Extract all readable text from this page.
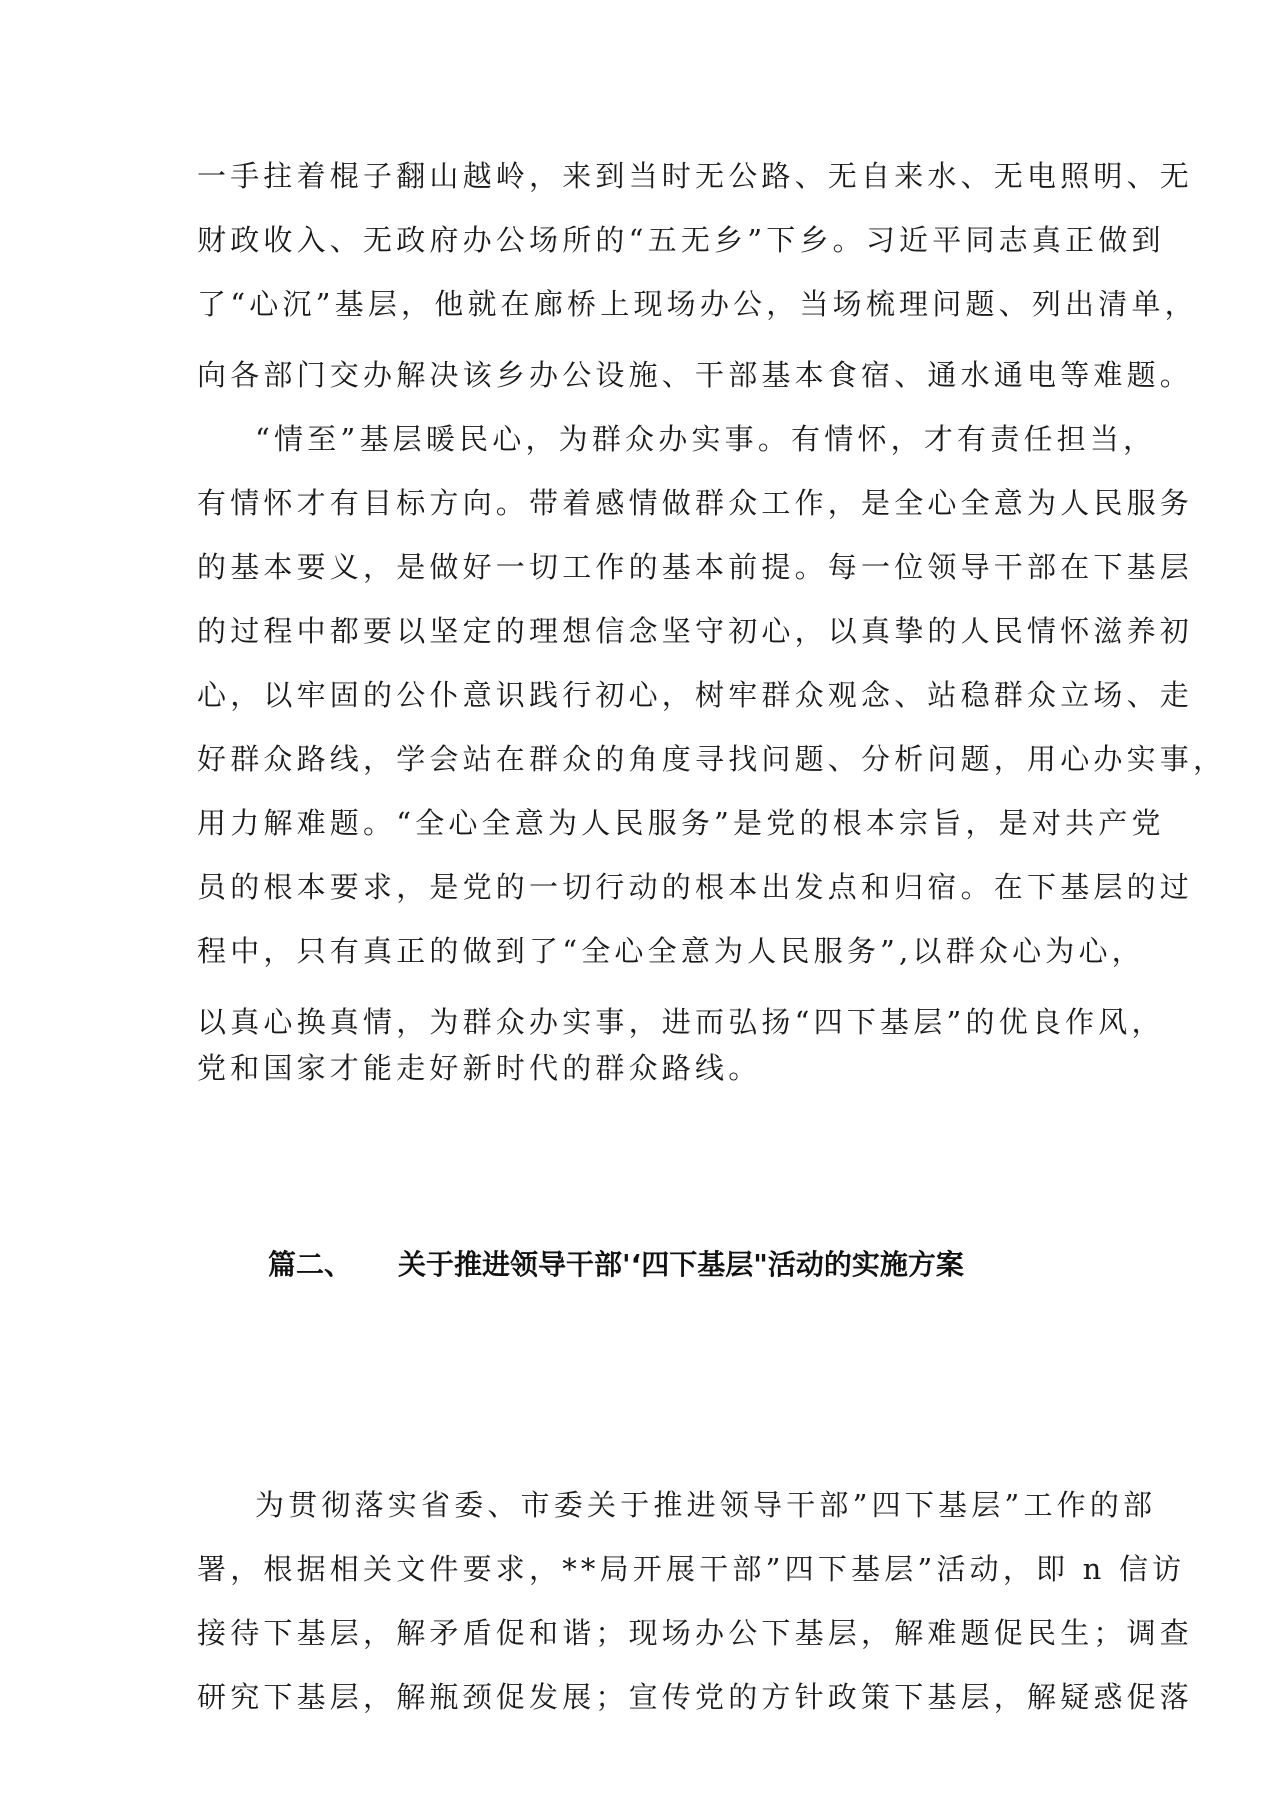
一手拄着棍子翻山越岭，来到当时无公路、无自来水、无电照明、无
财政收入、无政府办公场所的“五无乡”下乡。习近平同志真正做到
了“心沉”基层，他就在廊桥上现场办公，当场梳理问题、列出清单，
向各部门交办解决该乡办公设施、干部基本食宿、通水通电等难题。
“情至”基层暖民心，为群众办实事。有情怀，才有责任担当，
有情怀才有目标方向。带着感情做群众工作，是全心全意为人民服务
的基本要义，是做好一切工作的基本前提。每一位领导干部在下基层
的过程中都要以坚定的理想信念坚守初心，以真挚的人民情怀滋养初
心，以牢固的公仆意识践行初心，树牢群众观念、站稳群众立场、走
好群众路线，学会站在群众的角度寻找问题、分析问题，用心办实事，
用力解难题。“全心全意为人民服务”是党的根本宗旨，是对共产党
员的根本要求，是党的一切行动的根本出发点和归宿。在下基层的过
程中，只有真正的做到了“全心全意为人民服务”,以群众心为心，
以真心换真情，为群众办实事，进而弘扬“四下基层”的优良作风，
党和国家才能走好新时代的群众路线。
篇二、 关于推进领导干部'‘四下基层"活动的实施方案
为贯彻落实省委、市委关于推进领导干部”四下基层”工作的部
署，根据相关文件要求，**局开展干部”四下基层”活动，即 n 信访
接待下基层，解矛盾促和谐；现场办公下基层，解难题促民生；调查
研究下基层，解瓶颈促发展；宣传党的方针政策下基层，解疑惑促落
